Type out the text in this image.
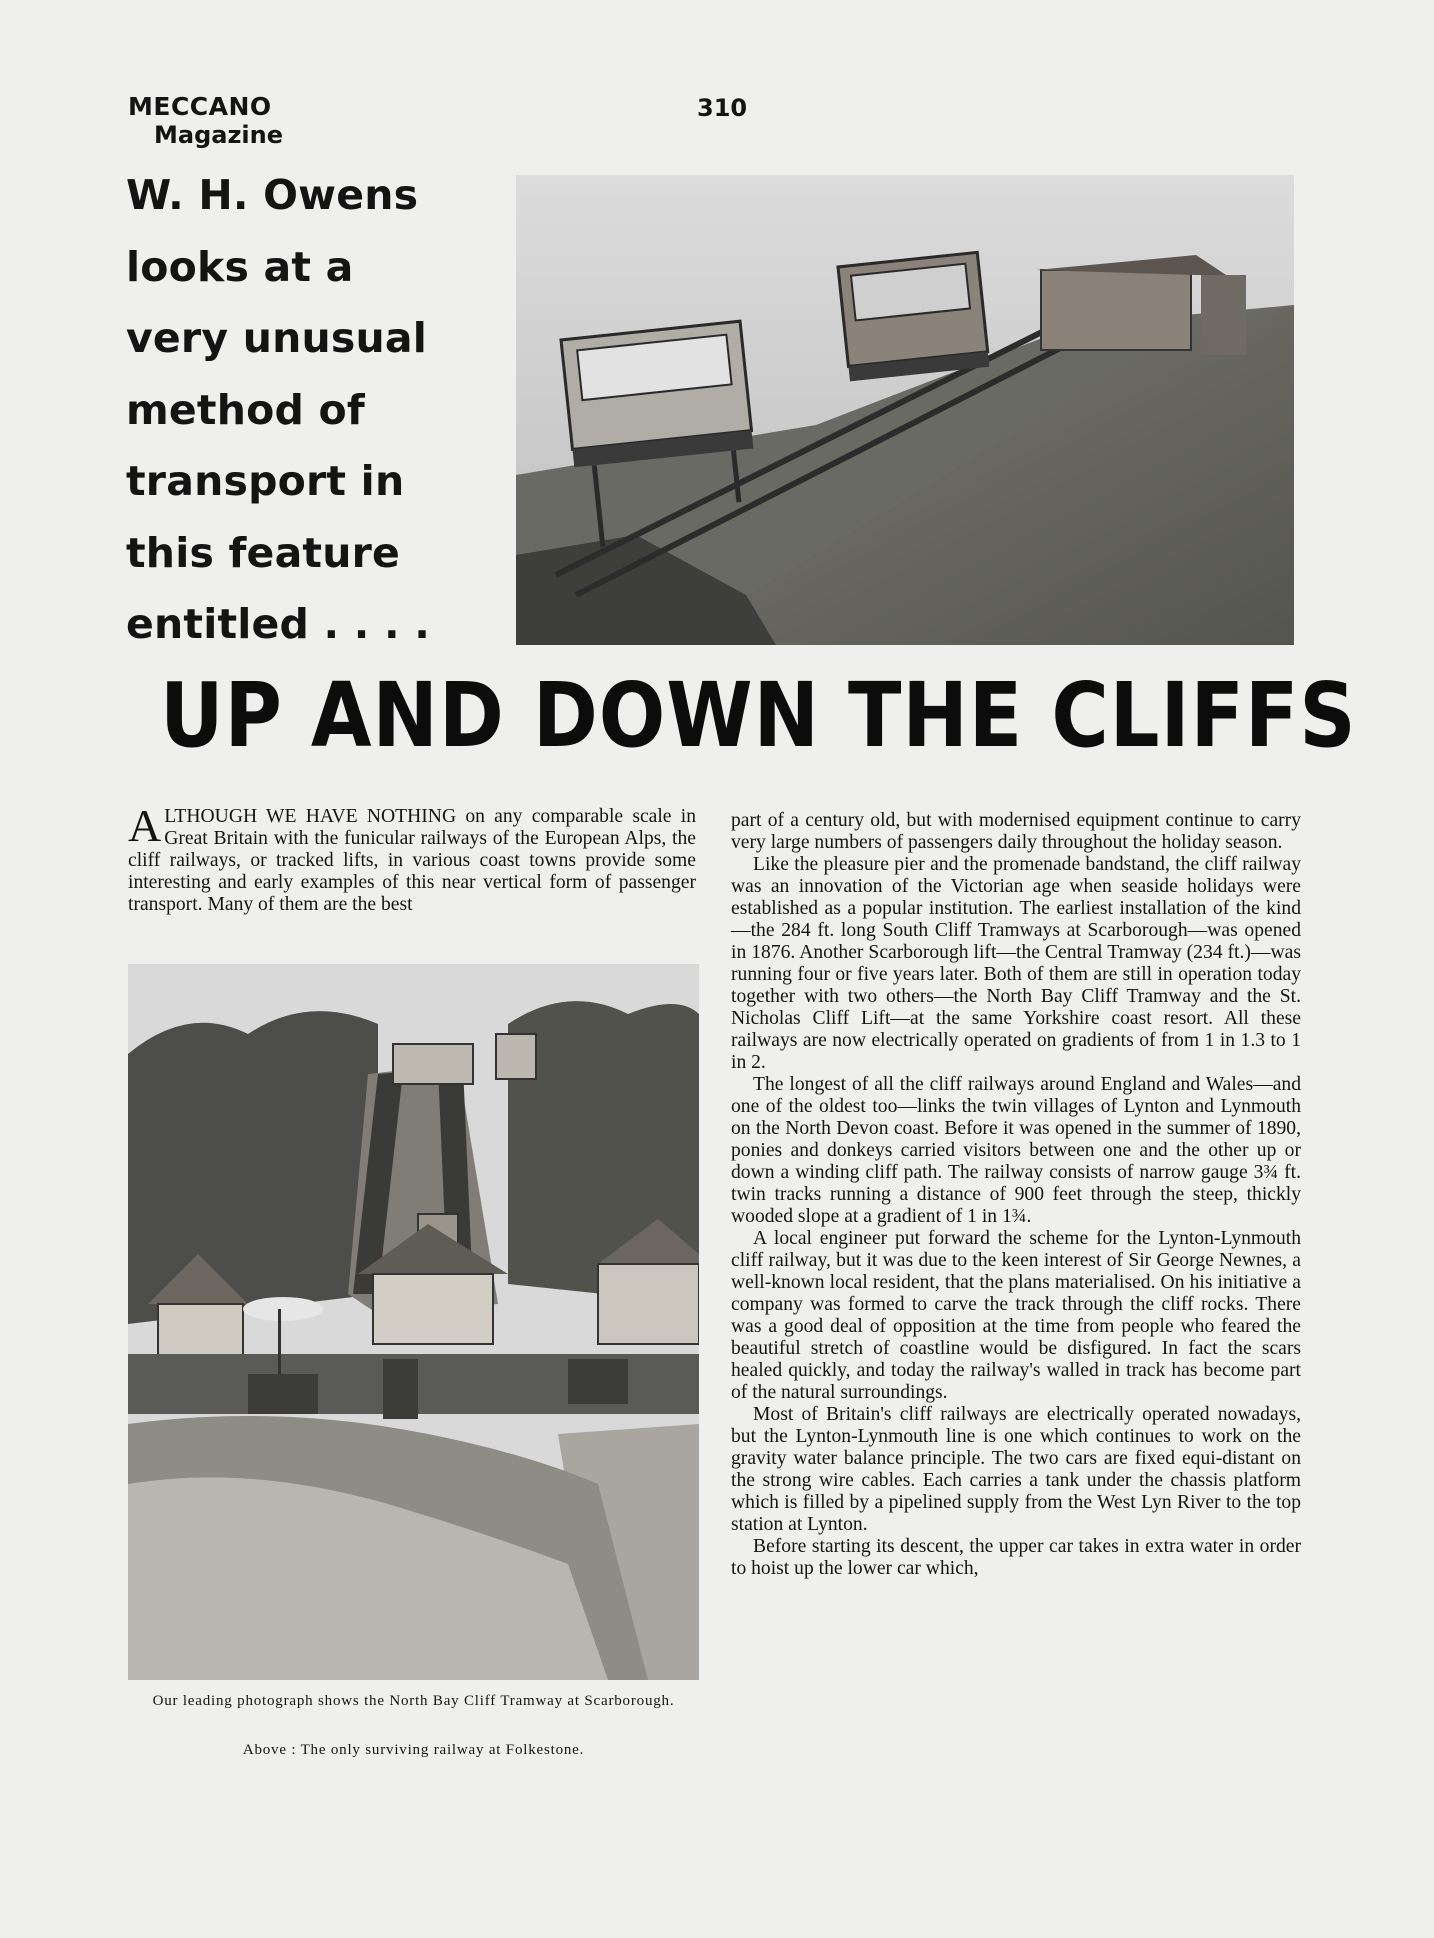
MECCANO
Magazine
310
W. H. Owens
looks at a
very unusual
method of
transport in
this feature
entitled . . . .
UP AND DOWN THE CLIFFS

ALTHOUGH WE HAVE NOTHING on any comparable scale in Great Britain with the funicular railways of the European Alps, the cliff railways, or tracked lifts, in various coast towns provide some interesting and early examples of this near vertical form of passenger transport. Many of them are the best

Our leading photograph shows the North Bay Cliff Tramway at Scarborough.
Above : The only surviving railway at Folkestone.

part of a century old, but with modernised equipment continue to carry very large numbers of passengers daily throughout the holiday season.

Like the pleasure pier and the promenade bandstand, the cliff railway was an innovation of the Victorian age when seaside holidays were established as a popular institution. The earliest installation of the kind—the 284 ft. long South Cliff Tramways at Scarborough—was opened in 1876. Another Scarborough lift—the Central Tramway (234 ft.)—was running four or five years later. Both of them are still in operation today together with two others—the North Bay Cliff Tramway and the St. Nicholas Cliff Lift—at the same Yorkshire coast resort. All these railways are now electrically operated on gradients of from 1 in 1.3 to 1 in 2.

The longest of all the cliff railways around England and Wales—and one of the oldest too—links the twin villages of Lynton and Lynmouth on the North Devon coast. Before it was opened in the summer of 1890, ponies and donkeys carried visitors between one and the other up or down a winding cliff path. The railway consists of narrow gauge 3¾ ft. twin tracks running a distance of 900 feet through the steep, thickly wooded slope at a gradient of 1 in 1¾.

A local engineer put forward the scheme for the Lynton-Lynmouth cliff railway, but it was due to the keen interest of Sir George Newnes, a well-known local resident, that the plans materialised. On his initiative a company was formed to carve the track through the cliff rocks. There was a good deal of opposition at the time from people who feared the beautiful stretch of coastline would be disfigured. In fact the scars healed quickly, and today the railway's walled in track has become part of the natural surroundings.

Most of Britain's cliff railways are electrically operated nowadays, but the Lynton-Lynmouth line is one which continues to work on the gravity water balance principle. The two cars are fixed equi-distant on the strong wire cables. Each carries a tank under the chassis platform which is filled by a pipelined supply from the West Lyn River to the top station at Lynton.

Before starting its descent, the upper car takes in extra water in order to hoist up the lower car which,
